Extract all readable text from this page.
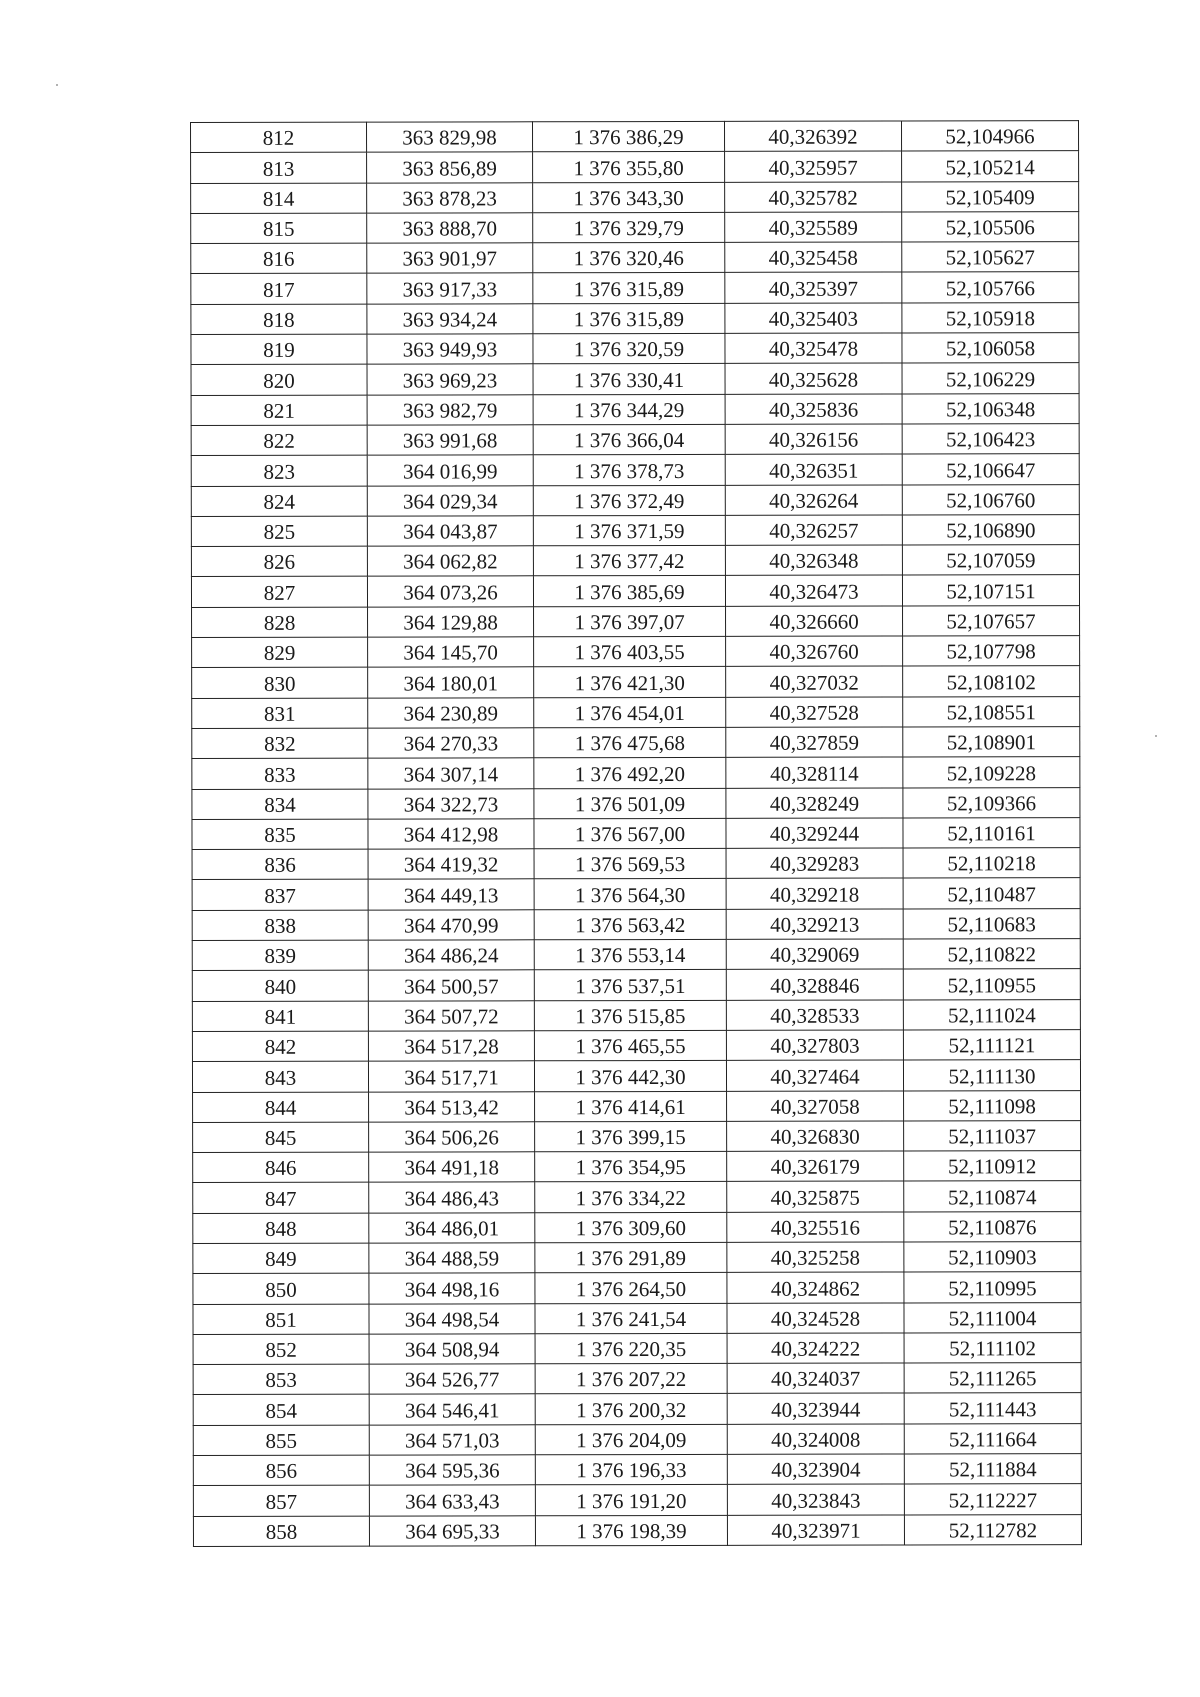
812	363 829,98	1 376 386,29	40,326392	52,104966
813	363 856,89	1 376 355,80	40,325957	52,105214
814	363 878,23	1 376 343,30	40,325782	52,105409
815	363 888,70	1 376 329,79	40,325589	52,105506
816	363 901,97	1 376 320,46	40,325458	52,105627
817	363 917,33	1 376 315,89	40,325397	52,105766
818	363 934,24	1 376 315,89	40,325403	52,105918
819	363 949,93	1 376 320,59	40,325478	52,106058
820	363 969,23	1 376 330,41	40,325628	52,106229
821	363 982,79	1 376 344,29	40,325836	52,106348
822	363 991,68	1 376 366,04	40,326156	52,106423
823	364 016,99	1 376 378,73	40,326351	52,106647
824	364 029,34	1 376 372,49	40,326264	52,106760
825	364 043,87	1 376 371,59	40,326257	52,106890
826	364 062,82	1 376 377,42	40,326348	52,107059
827	364 073,26	1 376 385,69	40,326473	52,107151
828	364 129,88	1 376 397,07	40,326660	52,107657
829	364 145,70	1 376 403,55	40,326760	52,107798
830	364 180,01	1 376 421,30	40,327032	52,108102
831	364 230,89	1 376 454,01	40,327528	52,108551
832	364 270,33	1 376 475,68	40,327859	52,108901
833	364 307,14	1 376 492,20	40,328114	52,109228
834	364 322,73	1 376 501,09	40,328249	52,109366
835	364 412,98	1 376 567,00	40,329244	52,110161
836	364 419,32	1 376 569,53	40,329283	52,110218
837	364 449,13	1 376 564,30	40,329218	52,110487
838	364 470,99	1 376 563,42	40,329213	52,110683
839	364 486,24	1 376 553,14	40,329069	52,110822
840	364 500,57	1 376 537,51	40,328846	52,110955
841	364 507,72	1 376 515,85	40,328533	52,111024
842	364 517,28	1 376 465,55	40,327803	52,111121
843	364 517,71	1 376 442,30	40,327464	52,111130
844	364 513,42	1 376 414,61	40,327058	52,111098
845	364 506,26	1 376 399,15	40,326830	52,111037
846	364 491,18	1 376 354,95	40,326179	52,110912
847	364 486,43	1 376 334,22	40,325875	52,110874
848	364 486,01	1 376 309,60	40,325516	52,110876
849	364 488,59	1 376 291,89	40,325258	52,110903
850	364 498,16	1 376 264,50	40,324862	52,110995
851	364 498,54	1 376 241,54	40,324528	52,111004
852	364 508,94	1 376 220,35	40,324222	52,111102
853	364 526,77	1 376 207,22	40,324037	52,111265
854	364 546,41	1 376 200,32	40,323944	52,111443
855	364 571,03	1 376 204,09	40,324008	52,111664
856	364 595,36	1 376 196,33	40,323904	52,111884
857	364 633,43	1 376 191,20	40,323843	52,112227
858	364 695,33	1 376 198,39	40,323971	52,112782
